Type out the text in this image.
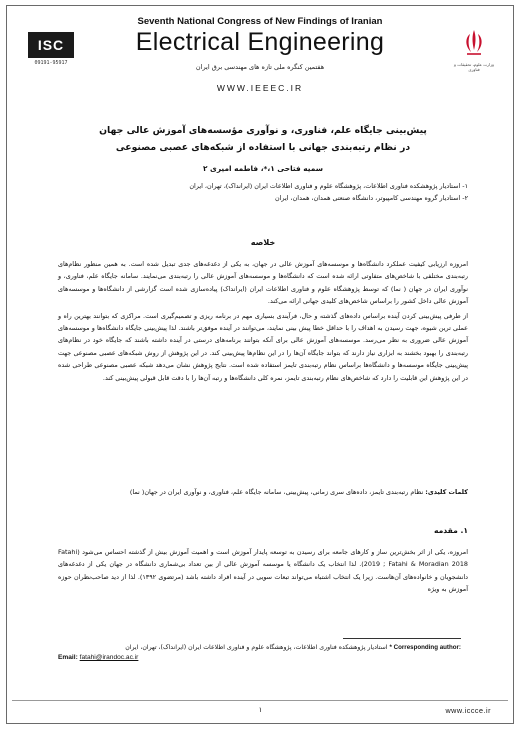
ISC
09191-95917
Seventh National Congress of New Findings of Iranian
Electrical Engineering
هفتمین کنگره ملی تازه های مهندسی برق ایران
WWW.IEEEC.IR
وزارت علوم، تحقیقات و فناوری
پیش‌بینی جایگاه علم، فناوری، و نوآوری مؤسسه‌های آموزش عالی جهان
در نظام رتبه‌بندی جهانی با استفاده از شبکه‌های عصبی مصنوعی
سمیه فتاحی ۱،*، فاطمه امیری ۲
۱- استادیار پژوهشکده فناوری اطلاعات، پژوهشگاه علوم و فناوری اطلاعات ایران (ایرانداک)، تهران، ایران
۲- استادیار گروه مهندسی کامپیوتر، دانشگاه صنعتی همدان، همدان، ایران
خلاصه

امروزه ارزیابی کیفیت عملکرد دانشگاه‌ها و موسسه‌های آموزش عالی در جهان، به یکی از دغدغه‌های جدی تبدیل شده است. به همین منظور نظام‌های رتبه‌بندی مختلفی با شاخص‌های متفاوتی ارائه شده است که دانشگاه‌ها و موسسه‌های آموزش عالی را رتبه‌بندی می‌نمایند. سامانه جایگاه علم، فناوری، و نوآوری ایران در جهان ( نما) که توسط پژوهشگاه علوم و فناوری اطلاعات ایران (ایرانداک) پیاده‌سازی شده است گزارشی از دانشگاه‌ها و موسسه‌های آموزش عالی داخل کشور را براساس شاخص‌های کلیدی جهانی ارائه می‌کند.

از طرفی پیش‌بینی کردن آینده براساس داده‌های گذشته و حال، فرآیندی بسیاری مهم در برنامه ریزی و تصمیم‌گیری است. مراکزی که بتوانند بهترین راه و عملی ترین شیوه، جهت رسیدن به اهداف را با حداقل خطا پیش بینی نمایند، می‌توانند در آینده موفق‌تر باشند. لذا پیش‌بینی جایگاه دانشگاه‌ها و موسسه‌های آموزش عالی ضروری به نظر می‌رسد. موسسه‌های آموزش عالی برای آنکه بتوانند برنامه‌های درستی در آینده داشته باشند که جایگاه خود در نظام‌های رتبه‌بندی را بهبود بخشند به ابزاری نیاز دارند که بتواند جایگاه آن‌ها را در این نظام‌ها پیش‌بینی کند. در این پژوهش از روش شبکه‌های عصبی مصنوعی جهت پیش‌بینی جایگاه موسسه‌ها و دانشگاه‌ها براساس نظام رتبه‌بندی تایمز استفاده شده است. نتایج پژوهش نشان می‌دهد شبکه عصبی مصنوعی طراحی شده در این پژوهش این قابلیت را دارد که شاخص‌های نظام رتبه‌بندی تایمز، نمره کلی دانشگاه‌ها و رتبه آن‌ها را با دقت قابل قبولی پیش‌بینی کند.

کلمات کلیدی: نظام رتبه‌بندی تایمز، داده‌های سری زمانی، پیش‌بینی، سامانه جایگاه علم، فناوری، و نوآوری ایران در جهان( نما)
۱. مقدمه
امروزه، یکی از اثر بخش‌ترین ساز و کارهای جامعه برای رسیدن به توسعه پایدار آموزش است و اهمیت آموزش بیش از گذشته احساس می‌شود (Fatahi 2019 ; Fatahi & Moradian 2018). لذا انتخاب یک دانشگاه یا موسسه آموزش عالی از بین تعداد بی‌شماری دانشگاه در جهان یکی از دغدغه‌های دانشجویان و خانواده‌های آن‌هاست. زیرا یک انتخاب اشتباه می‌تواند تبعات سویی در آینده افراد داشته باشد (مرتضوی ۱۳۹۲). لذا از دید صاحب‌نظران حوزه آموزش به ویژه
* Corresponding author: استادیار پژوهشکده فناوری اطلاعات، پژوهشگاه علوم و فناوری اطلاعات ایران (ایرانداک)، تهران، ایران
Email: fatahi@irandoc.ac.ir
۱	www.iccce.ir
